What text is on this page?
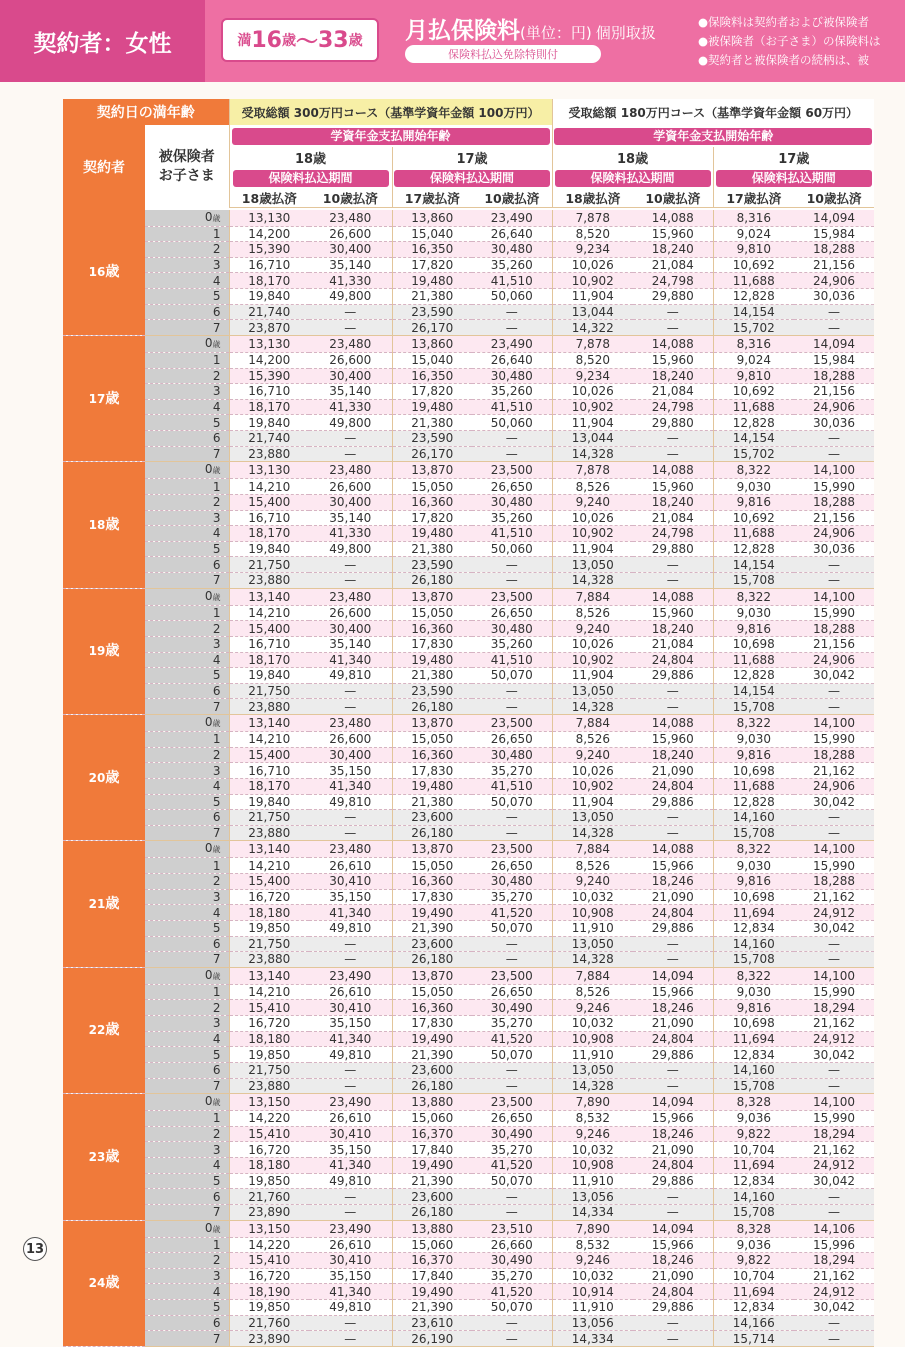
契約者：女性	満 16 歳 ～ 33 歳 月払保険料(単位：円) 個別取扱
保険料払込免除特則付
●保険料は契約者および被保険者
●被保険者（お子さま）の保険料は
●契約者と被保険者の続柄は、被
契約日の満年齢		受取総額 300万円コース（基準学資年金額 100万円）				受取総額 180万円コース（基準学資年金額 60万円）			
契約者	被保険者
お子さま	学資年金支払開始年齢				学資年金支払開始年齢			
		18歳		17歳		18歳		17歳	
		保険料払込期間		保険料払込期間		保険料払込期間		保険料払込期間	
		18歳払済	10歳払済	17歳払済	10歳払済	18歳払済	10歳払済	17歳払済	10歳払済

16歳	0歳	13,130	23,480	13,860	23,490	7,878	14,088	8,316	14,094
	1	14,200	26,600	15,040	26,640	8,520	15,960	9,024	15,984
	2	15,390	30,400	16,350	30,480	9,234	18,240	9,810	18,288
	3	16,710	35,140	17,820	35,260	10,026	21,084	10,692	21,156
	4	18,170	41,330	19,480	41,510	10,902	24,798	11,688	24,906
	5	19,840	49,800	21,380	50,060	11,904	29,880	12,828	30,036
	6	21,740	—	23,590	—	13,044	—	14,154	—
	7	23,870	—	26,170	—	14,322	—	15,702	—
17歳	0歳	13,130	23,480	13,860	23,490	7,878	14,088	8,316	14,094
	1	14,200	26,600	15,040	26,640	8,520	15,960	9,024	15,984
	2	15,390	30,400	16,350	30,480	9,234	18,240	9,810	18,288
	3	16,710	35,140	17,820	35,260	10,026	21,084	10,692	21,156
	4	18,170	41,330	19,480	41,510	10,902	24,798	11,688	24,906
	5	19,840	49,800	21,380	50,060	11,904	29,880	12,828	30,036
	6	21,740	—	23,590	—	13,044	—	14,154	—
	7	23,880	—	26,170	—	14,328	—	15,702	—
18歳	0歳	13,130	23,480	13,870	23,500	7,878	14,088	8,322	14,100
	1	14,210	26,600	15,050	26,650	8,526	15,960	9,030	15,990
	2	15,400	30,400	16,360	30,480	9,240	18,240	9,816	18,288
	3	16,710	35,140	17,820	35,260	10,026	21,084	10,692	21,156
	4	18,170	41,330	19,480	41,510	10,902	24,798	11,688	24,906
	5	19,840	49,800	21,380	50,060	11,904	29,880	12,828	30,036
	6	21,750	—	23,590	—	13,050	—	14,154	—
	7	23,880	—	26,180	—	14,328	—	15,708	—
19歳	0歳	13,140	23,480	13,870	23,500	7,884	14,088	8,322	14,100
	1	14,210	26,600	15,050	26,650	8,526	15,960	9,030	15,990
	2	15,400	30,400	16,360	30,480	9,240	18,240	9,816	18,288
	3	16,710	35,140	17,830	35,260	10,026	21,084	10,698	21,156
	4	18,170	41,340	19,480	41,510	10,902	24,804	11,688	24,906
	5	19,840	49,810	21,380	50,070	11,904	29,886	12,828	30,042
	6	21,750	—	23,590	—	13,050	—	14,154	—
	7	23,880	—	26,180	—	14,328	—	15,708	—
20歳	0歳	13,140	23,480	13,870	23,500	7,884	14,088	8,322	14,100
	1	14,210	26,600	15,050	26,650	8,526	15,960	9,030	15,990
	2	15,400	30,400	16,360	30,480	9,240	18,240	9,816	18,288
	3	16,710	35,150	17,830	35,270	10,026	21,090	10,698	21,162
	4	18,170	41,340	19,480	41,510	10,902	24,804	11,688	24,906
	5	19,840	49,810	21,380	50,070	11,904	29,886	12,828	30,042
	6	21,750	—	23,600	—	13,050	—	14,160	—
	7	23,880	—	26,180	—	14,328	—	15,708	—
21歳	0歳	13,140	23,480	13,870	23,500	7,884	14,088	8,322	14,100
	1	14,210	26,610	15,050	26,650	8,526	15,966	9,030	15,990
	2	15,400	30,410	16,360	30,480	9,240	18,246	9,816	18,288
	3	16,720	35,150	17,830	35,270	10,032	21,090	10,698	21,162
	4	18,180	41,340	19,490	41,520	10,908	24,804	11,694	24,912
	5	19,850	49,810	21,390	50,070	11,910	29,886	12,834	30,042
	6	21,750	—	23,600	—	13,050	—	14,160	—
	7	23,880	—	26,180	—	14,328	—	15,708	—
22歳	0歳	13,140	23,490	13,870	23,500	7,884	14,094	8,322	14,100
	1	14,210	26,610	15,050	26,650	8,526	15,966	9,030	15,990
	2	15,410	30,410	16,360	30,490	9,246	18,246	9,816	18,294
	3	16,720	35,150	17,830	35,270	10,032	21,090	10,698	21,162
	4	18,180	41,340	19,490	41,520	10,908	24,804	11,694	24,912
	5	19,850	49,810	21,390	50,070	11,910	29,886	12,834	30,042
	6	21,750	—	23,600	—	13,050	—	14,160	—
	7	23,880	—	26,180	—	14,328	—	15,708	—
23歳	0歳	13,150	23,490	13,880	23,500	7,890	14,094	8,328	14,100
	1	14,220	26,610	15,060	26,650	8,532	15,966	9,036	15,990
	2	15,410	30,410	16,370	30,490	9,246	18,246	9,822	18,294
	3	16,720	35,150	17,840	35,270	10,032	21,090	10,704	21,162
	4	18,180	41,340	19,490	41,520	10,908	24,804	11,694	24,912
	5	19,850	49,810	21,390	50,070	11,910	29,886	12,834	30,042
	6	21,760	—	23,600	—	13,056	—	14,160	—
	7	23,890	—	26,180	—	14,334	—	15,708	—
24歳	0歳	13,150	23,490	13,880	23,510	7,890	14,094	8,328	14,106
	1	14,220	26,610	15,060	26,660	8,532	15,966	9,036	15,996
	2	15,410	30,410	16,370	30,490	9,246	18,246	9,822	18,294
	3	16,720	35,150	17,840	35,270	10,032	21,090	10,704	21,162
	4	18,190	41,340	19,490	41,520	10,914	24,804	11,694	24,912
	5	19,850	49,810	21,390	50,070	11,910	29,886	12,834	30,042
	6	21,760	—	23,610	—	13,056	—	14,166	—
	7	23,890	—	26,190	—	14,334	—	15,714	—
13
